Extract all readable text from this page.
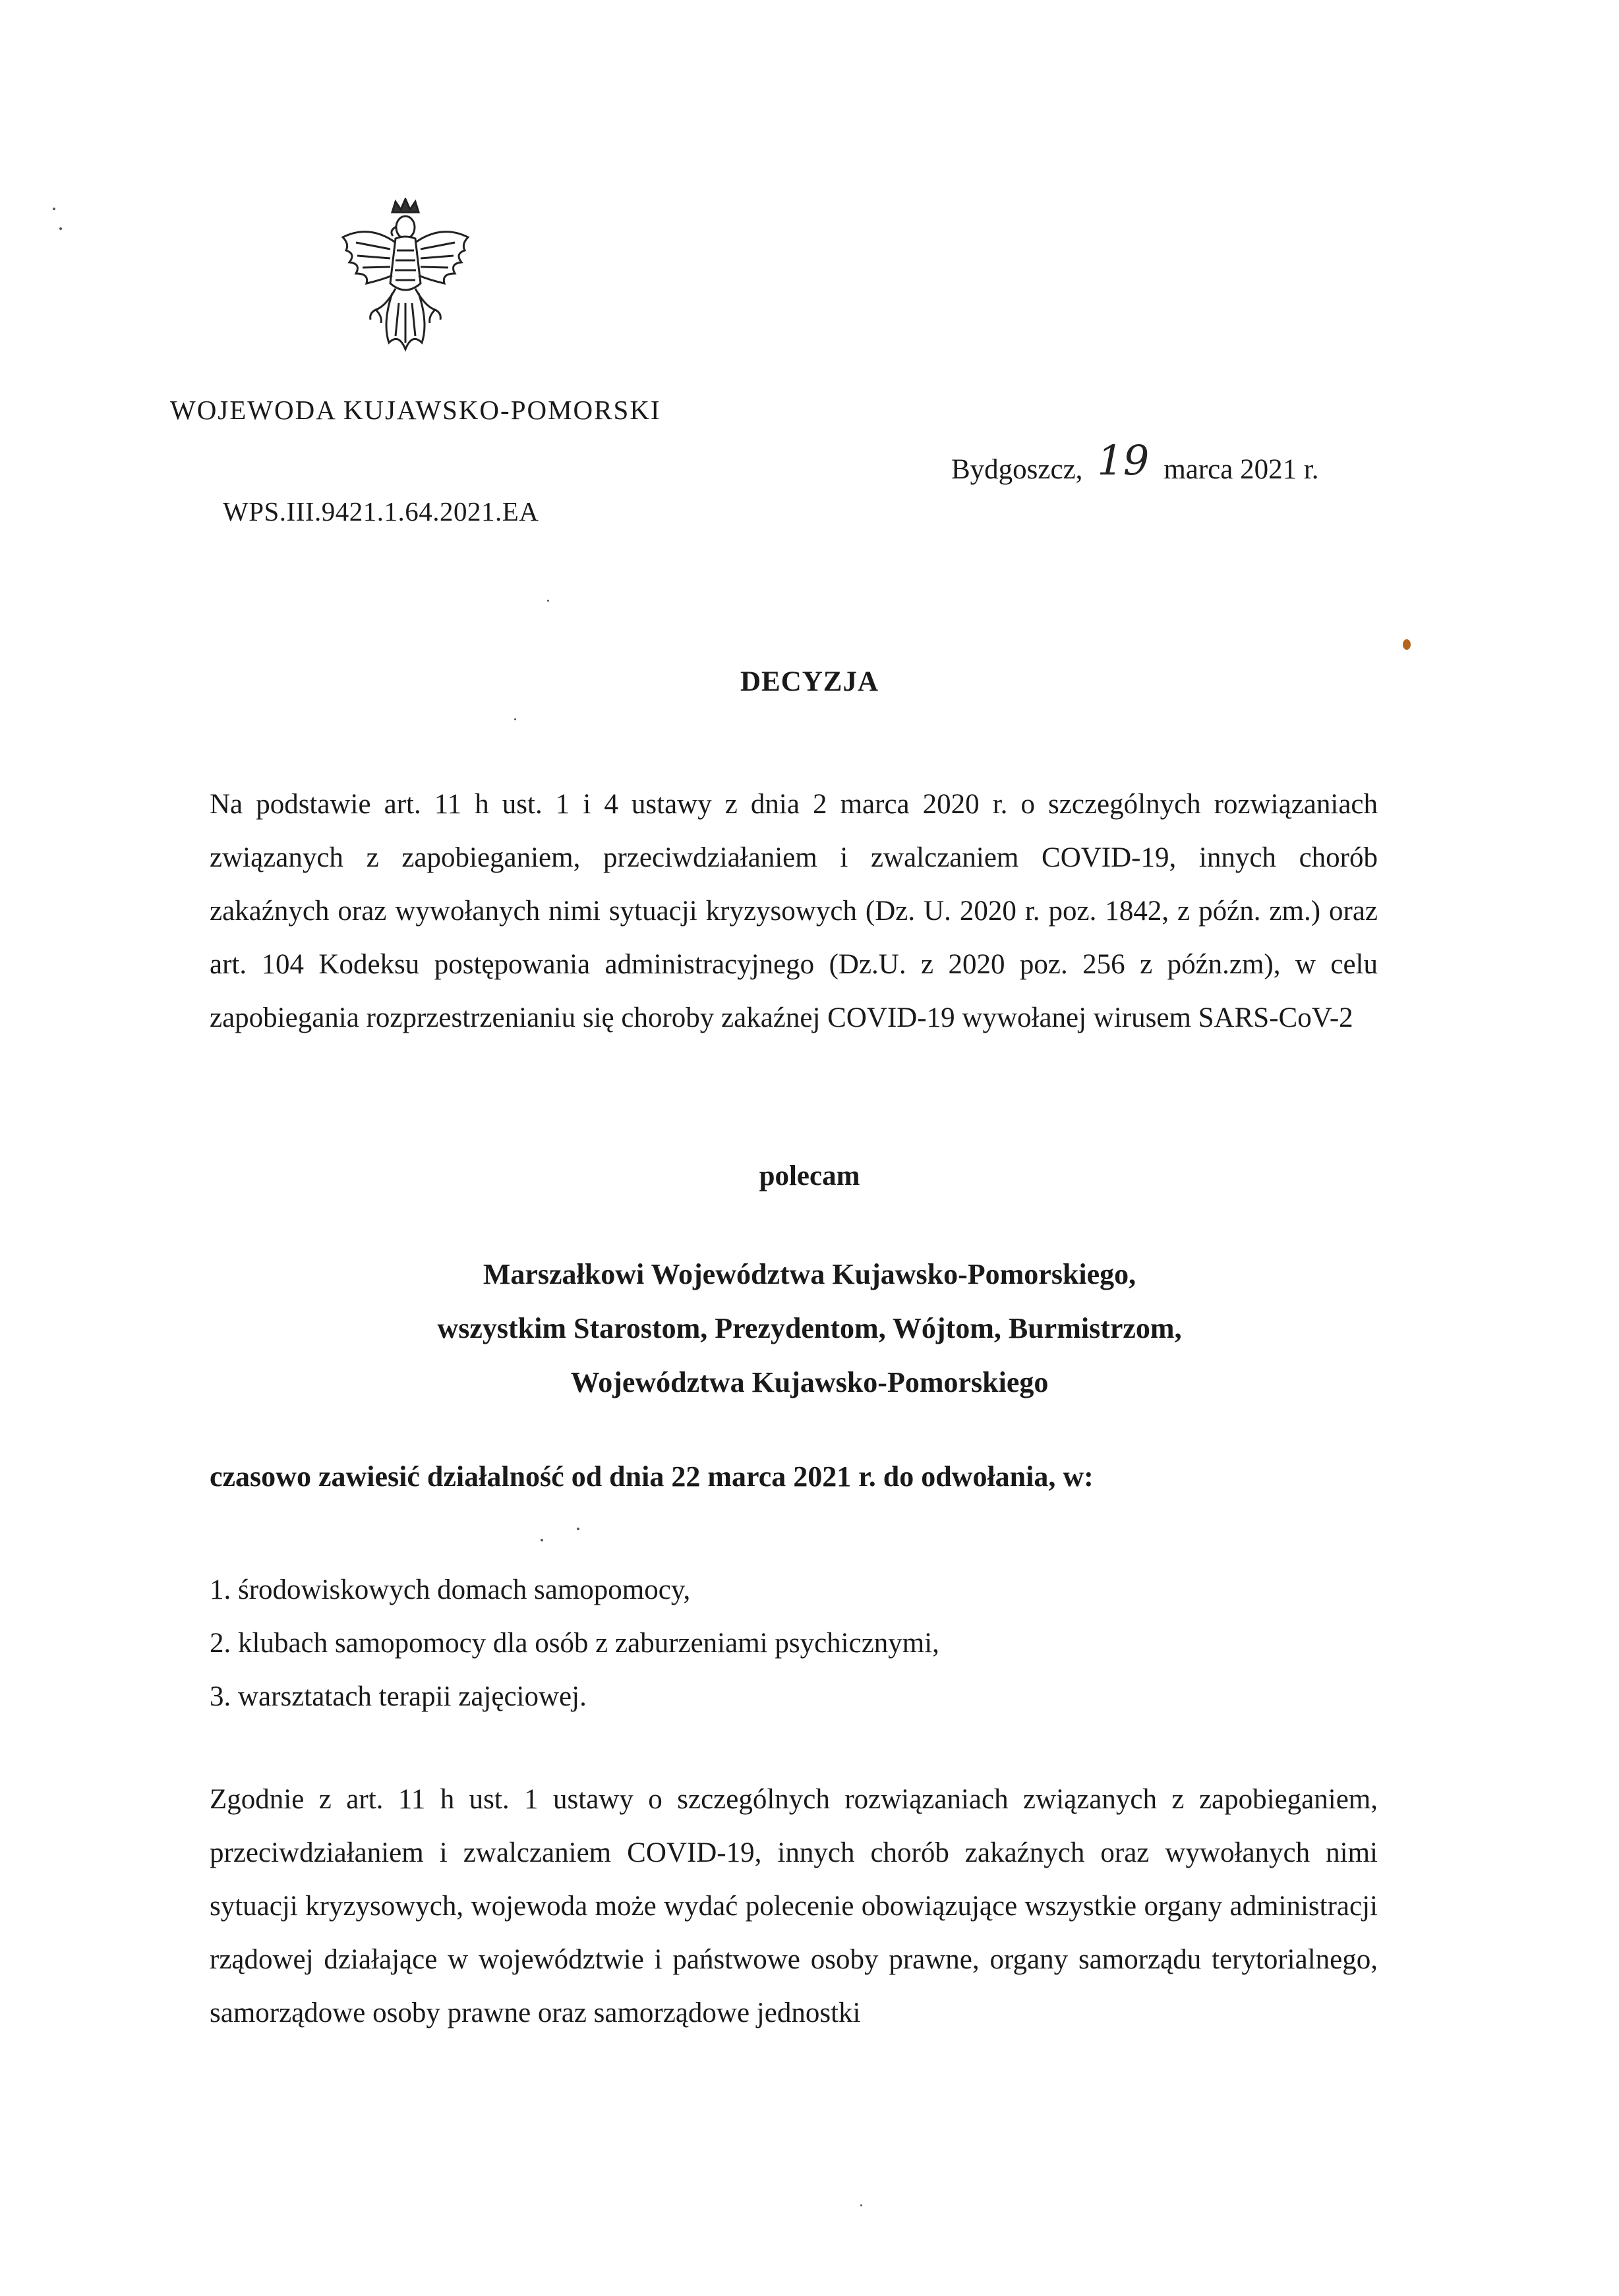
WOJEWODA KUJAWSKO-POMORSKI
Bydgoszcz, 19 marca 2021 r.
WPS.III.9421.1.64.2021.EA
DECYZJA
Na podstawie art. 11 h ust. 1 i 4 ustawy z dnia 2 marca 2020 r. o szczególnych rozwiązaniach związanych z zapobieganiem, przeciwdziałaniem i zwalczaniem COVID-19, innych chorób zakaźnych oraz wywołanych nimi sytuacji kryzysowych (Dz. U. 2020 r. poz. 1842, z późn. zm.) oraz art. 104 Kodeksu postępowania administracyjnego (Dz.U. z 2020 poz. 256 z późn.zm), w celu zapobiegania rozprzestrzenianiu się choroby zakaźnej COVID-19 wywołanej wirusem SARS-CoV-2
polecam
Marszałkowi Województwa Kujawsko-Pomorskiego,
wszystkim Starostom, Prezydentom, Wójtom, Burmistrzom,
Województwa Kujawsko-Pomorskiego
czasowo zawiesić działalność od dnia 22 marca 2021 r. do odwołania, w:
1. środowiskowych domach samopomocy,
2. klubach samopomocy dla osób z zaburzeniami psychicznymi,
3. warsztatach terapii zajęciowej.
Zgodnie z art. 11 h ust. 1 ustawy o szczególnych rozwiązaniach związanych z zapobieganiem, przeciwdziałaniem i zwalczaniem COVID-19, innych chorób zakaźnych oraz wywołanych nimi sytuacji kryzysowych, wojewoda może wydać polecenie obowiązujące wszystkie organy administracji rządowej działające w województwie i państwowe osoby prawne, organy samorządu terytorialnego, samorządowe osoby prawne oraz samorządowe jednostki
